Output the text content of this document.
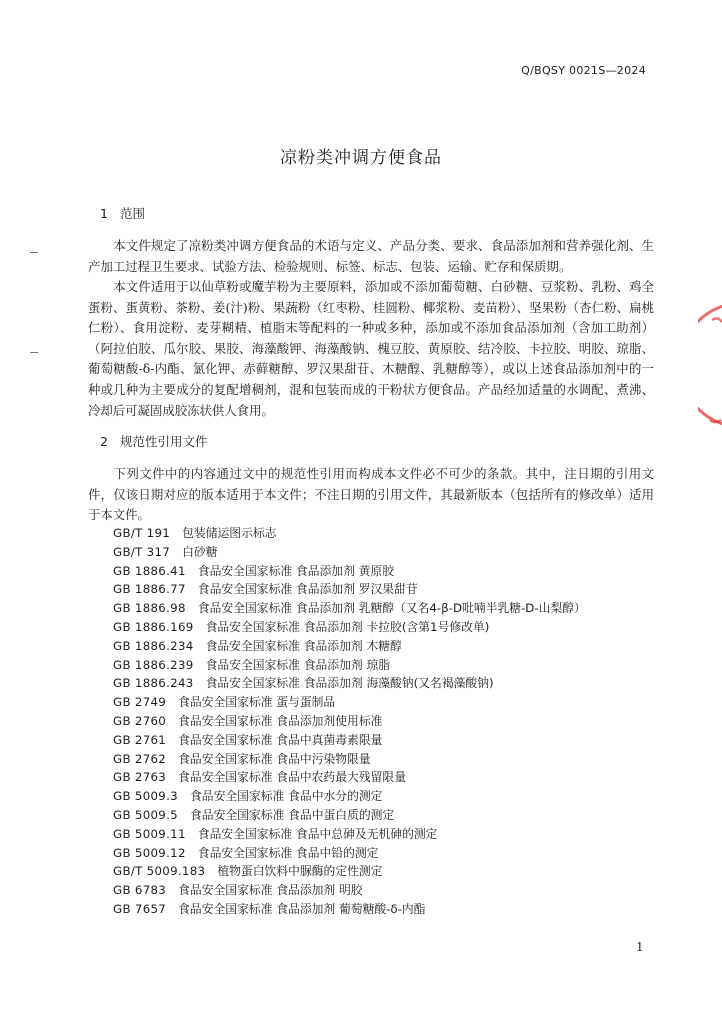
Q/BQSY 0021S—2024
凉粉类冲调方便食品
1 范围

本文件规定了凉粉类冲调方便食品的术语与定义、产品分类、要求、食品添加剂和营养强化剂、生产加工过程卫生要求、试验方法、检验规则、标签、标志、包装、运输、贮存和保质期。

本文件适用于以仙草粉或魔芋粉为主要原料，添加或不添加葡萄糖、白砂糖、豆浆粉、乳粉、鸡全蛋粉、蛋黄粉、茶粉、姜(汁)粉、果蔬粉（红枣粉、桂圆粉、椰浆粉、麦苗粉）、坚果粉（杏仁粉、扁桃仁粉）、食用淀粉、麦芽糊精、植脂末等配料的一种或多种，添加或不添加食品添加剂（含加工助剂）（阿拉伯胶、瓜尔胶、果胶、海藻酸钾、海藻酸钠、槐豆胶、黄原胶、结冷胶、卡拉胶、明胶、琼脂、葡萄糖酸-δ-内酯、氯化钾、赤藓糖醇、罗汉果甜苷、木糖醇、乳糖醇等），或以上述食品添加剂中的一种或几种为主要成分的复配增稠剂，混和包装而成的干粉状方便食品。产品经加适量的水调配、煮沸、冷却后可凝固成胶冻状供人食用。

2 规范性引用文件

下列文件中的内容通过文中的规范性引用而构成本文件必不可少的条款。其中，注日期的引用文件，仅该日期对应的版本适用于本文件；不注日期的引用文件，其最新版本（包括所有的修改单）适用于本文件。

GB/T 191 包装储运图示标志
GB/T 317 白砂糖
GB 1886.41 食品安全国家标准 食品添加剂 黄原胶
GB 1886.77 食品安全国家标准 食品添加剂 罗汉果甜苷
GB 1886.98 食品安全国家标准 食品添加剂 乳糖醇（又名4-β-D吡喃半乳糖-D-山梨醇）
GB 1886.169 食品安全国家标准 食品添加剂 卡拉胶(含第1号修改单)
GB 1886.234 食品安全国家标准 食品添加剂 木糖醇
GB 1886.239 食品安全国家标准 食品添加剂 琼脂
GB 1886.243 食品安全国家标准 食品添加剂 海藻酸钠(又名褐藻酸钠)
GB 2749 食品安全国家标准 蛋与蛋制品
GB 2760 食品安全国家标准 食品添加剂使用标准
GB 2761 食品安全国家标准 食品中真菌毒素限量
GB 2762 食品安全国家标准 食品中污染物限量
GB 2763 食品安全国家标准 食品中农药最大残留限量
GB 5009.3 食品安全国家标准 食品中水分的测定
GB 5009.5 食品安全国家标准 食品中蛋白质的测定
GB 5009.11 食品安全国家标准 食品中总砷及无机砷的测定
GB 5009.12 食品安全国家标准 食品中铅的测定
GB/T 5009.183 植物蛋白饮料中脲酶的定性测定
GB 6783 食品安全国家标准 食品添加剂 明胶
GB 7657 食品安全国家标准 食品添加剂 葡萄糖酸-δ-内酯
1
